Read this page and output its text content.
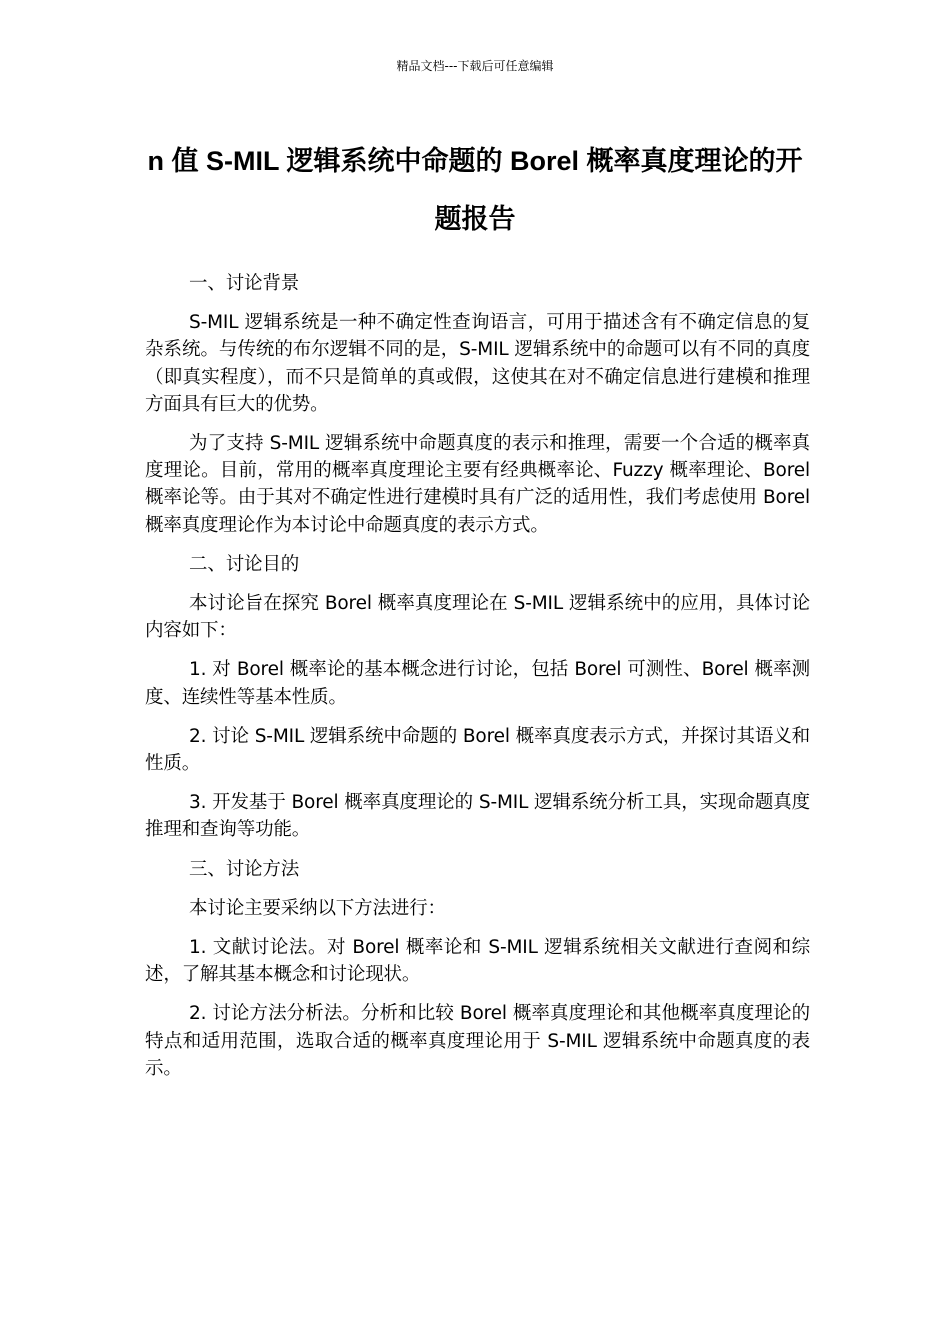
精品文档---下载后可任意编辑
n 值 S-MIL 逻辑系统中命题的 Borel 概率真度理论的开题报告

一、讨论背景

S-MIL 逻辑系统是一种不确定性查询语言，可用于描述含有不确定信息的复杂系统。与传统的布尔逻辑不同的是，S-MIL 逻辑系统中的命题可以有不同的真度（即真实程度），而不只是简单的真或假，这使其在对不确定信息进行建模和推理方面具有巨大的优势。

为了支持 S-MIL 逻辑系统中命题真度的表示和推理，需要一个合适的概率真度理论。目前，常用的概率真度理论主要有经典概率论、Fuzzy 概率理论、Borel 概率论等。由于其对不确定性进行建模时具有广泛的适用性，我们考虑使用 Borel 概率真度理论作为本讨论中命题真度的表示方式。

二、讨论目的

本讨论旨在探究 Borel 概率真度理论在 S-MIL 逻辑系统中的应用，具体讨论内容如下：

1. 对 Borel 概率论的基本概念进行讨论，包括 Borel 可测性、Borel 概率测度、连续性等基本性质。

2. 讨论 S-MIL 逻辑系统中命题的 Borel 概率真度表示方式，并探讨其语义和性质。

3. 开发基于 Borel 概率真度理论的 S-MIL 逻辑系统分析工具，实现命题真度推理和查询等功能。

三、讨论方法

本讨论主要采纳以下方法进行：

1. 文献讨论法。对 Borel 概率论和 S-MIL 逻辑系统相关文献进行查阅和综述，了解其基本概念和讨论现状。

2. 讨论方法分析法。分析和比较 Borel 概率真度理论和其他概率真度理论的特点和适用范围，选取合适的概率真度理论用于 S-MIL 逻辑系统中命题真度的表示。
